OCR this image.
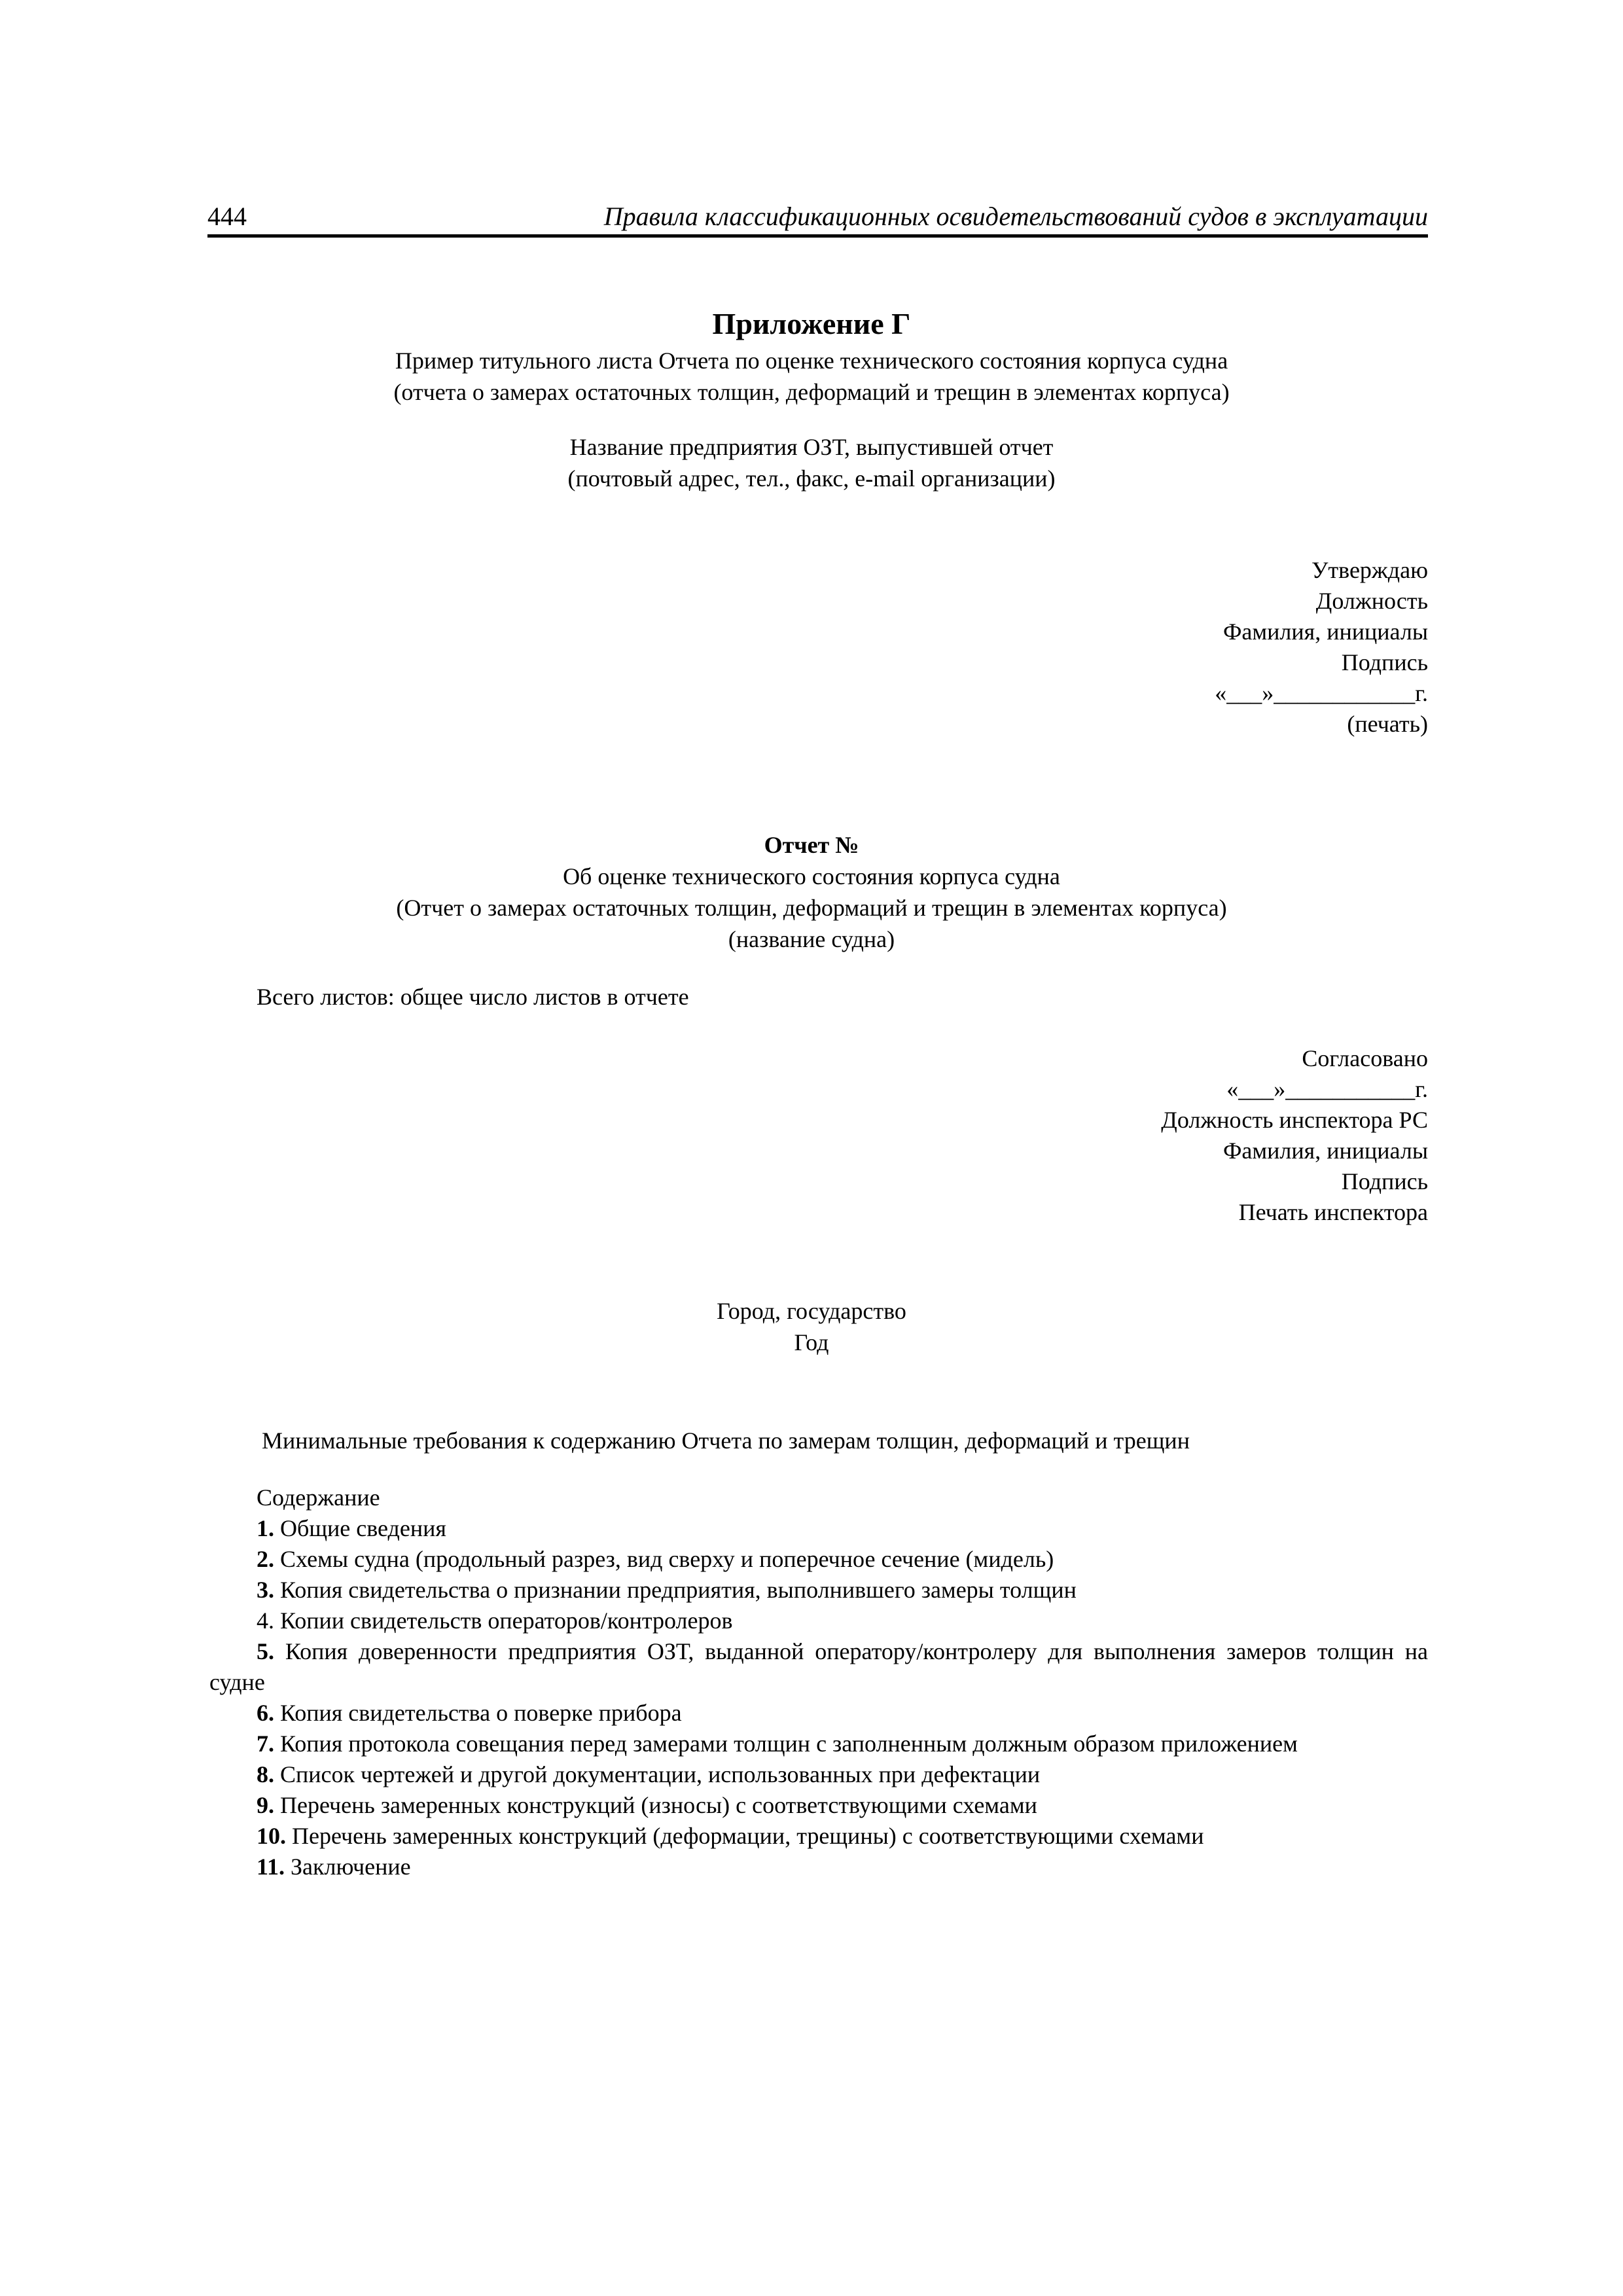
444	Правила классификационных освидетельствований судов в эксплуатации
Приложение Г
Пример титульного листа Отчета по оценке технического состояния корпуса судна
(отчета о замерах остаточных толщин, деформаций и трещин в элементах корпуса)
Название предприятия ОЗТ, выпустившей отчет
(почтовый адрес, тел., факс, e-mail организации)
Утверждаю
Должность
Фамилия, инициалы
Подпись
«___»____________г.
(печать)
Отчет №
Об оценке технического состояния корпуса судна
(Отчет о замерах остаточных толщин, деформаций и трещин в элементах корпуса)
(название судна)
Всего листов: общее число листов в отчете
Согласовано
«___»___________г.
Должность инспектора РС
Фамилия, инициалы
Подпись
Печать инспектора
Город, государство
Год
Минимальные требования к содержанию Отчета по замерам толщин, деформаций и трещин
Содержание
1. Общие сведения
2. Схемы судна (продольный разрез, вид сверху и поперечное сечение (мидель)
3. Копия свидетельства о признании предприятия, выполнившего замеры толщин
4. Копии свидетельств операторов/контролеров
5. Копия доверенности предприятия ОЗТ, выданной оператору/контролеру для выполнения замеров толщин на судне
6. Копия свидетельства о поверке прибора
7. Копия протокола совещания перед замерами толщин с заполненным должным образом приложением
8. Список чертежей и другой документации, использованных при дефектации
9. Перечень замеренных конструкций (износы) с соответствующими схемами
10. Перечень замеренных конструкций (деформации, трещины) с соответствующими схемами
11. Заключение
